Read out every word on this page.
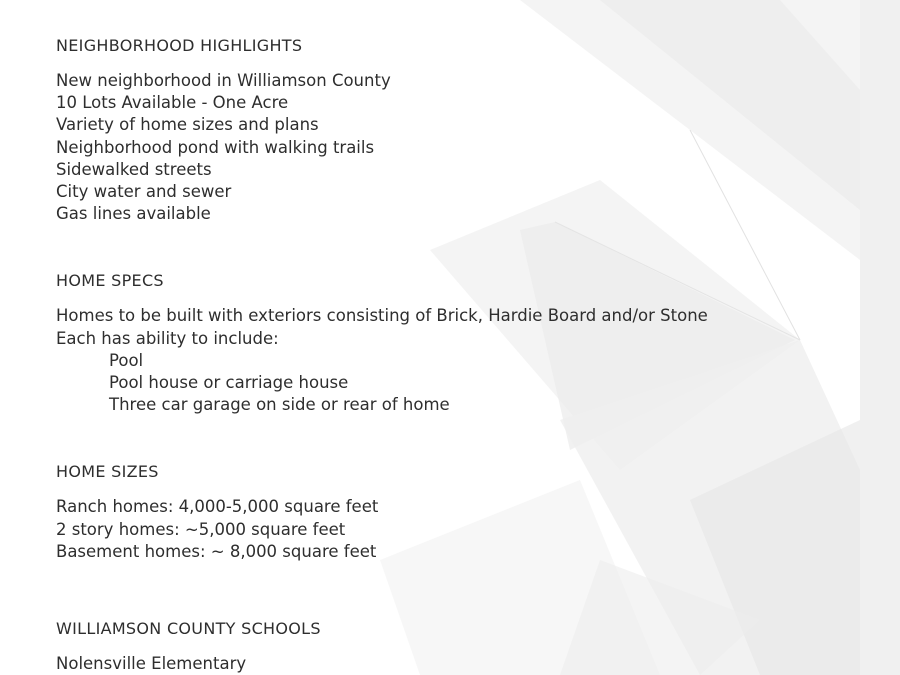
NEIGHBORHOOD HIGHLIGHTS
New neighborhood in Williamson County
10 Lots Available - One Acre
Variety of home sizes and plans
Neighborhood pond with walking trails
Sidewalked streets
City water and sewer
Gas lines available
HOME SPECS
Homes to be built with exteriors consisting of Brick, Hardie Board and/or Stone
Each has ability to include:
Pool
Pool house or carriage house
Three car garage on side or rear of home
HOME SIZES
Ranch homes: 4,000-5,000 square feet
2 story homes: ~5,000 square feet
Basement homes: ~ 8,000 square feet
WILLIAMSON COUNTY SCHOOLS
Nolensville Elementary
